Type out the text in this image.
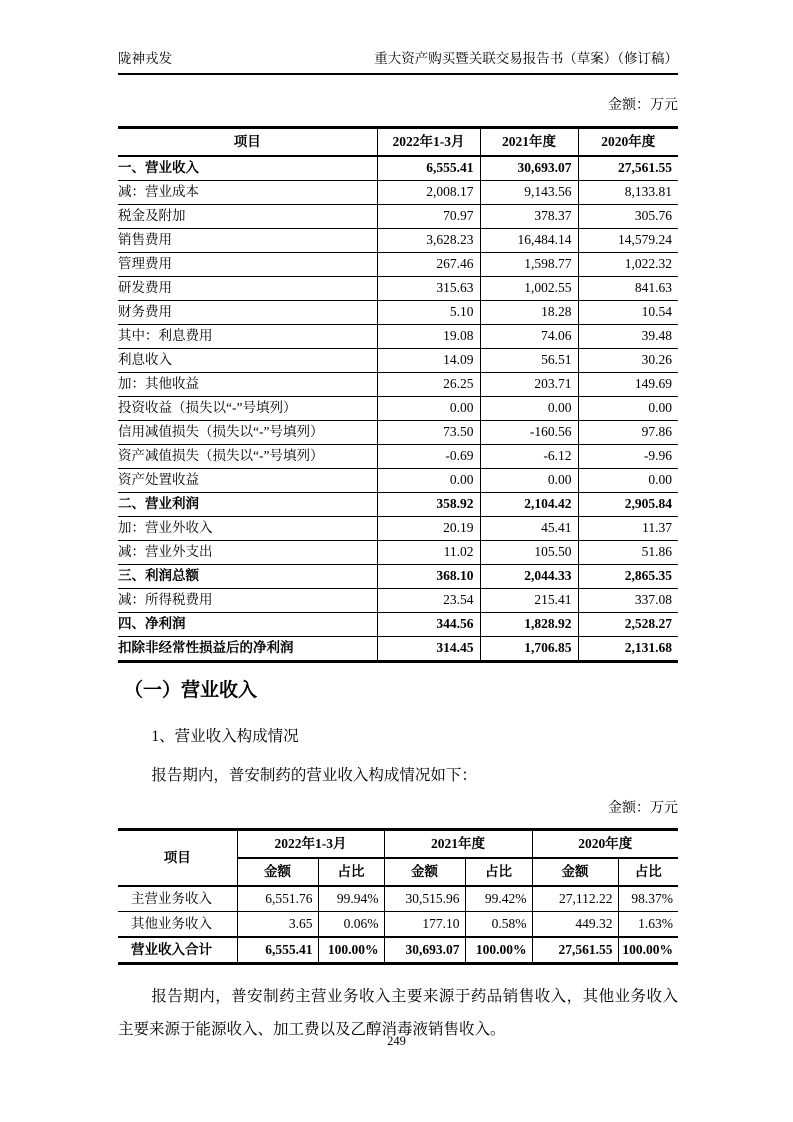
陇神戎发	重大资产购买暨关联交易报告书（草案）（修订稿）
金额：万元
项目	2022年1-3月	2021年度	2020年度
一、营业收入	6,555.41	30,693.07	27,561.55
减：营业成本	2,008.17	9,143.56	8,133.81
税金及附加	70.97	378.37	305.76
销售费用	3,628.23	16,484.14	14,579.24
管理费用	267.46	1,598.77	1,022.32
研发费用	315.63	1,002.55	841.63
财务费用	5.10	18.28	10.54
其中：利息费用	19.08	74.06	39.48
利息收入	14.09	56.51	30.26
加：其他收益	26.25	203.71	149.69
投资收益（损失以“-”号填列）	0.00	0.00	0.00
信用减值损失（损失以“-”号填列）	73.50	-160.56	97.86
资产减值损失（损失以“-”号填列）	-0.69	-6.12	-9.96
资产处置收益	0.00	0.00	0.00
二、营业利润	358.92	2,104.42	2,905.84
加：营业外收入	20.19	45.41	11.37
减：营业外支出	11.02	105.50	51.86
三、利润总额	368.10	2,044.33	2,865.35
减：所得税费用	23.54	215.41	337.08
四、净利润	344.56	1,828.92	2,528.27
扣除非经常性损益后的净利润	314.45	1,706.85	2,131.68
（一）营业收入
1、营业收入构成情况
报告期内，普安制药的营业收入构成情况如下：
金额：万元
项目	2022年1-3月		2021年度		2020年度	
	金额	占比	金额	占比	金额	占比
主营业务收入	6,551.76	99.94%	30,515.96	99.42%	27,112.22	98.37%
其他业务收入	3.65	0.06%	177.10	0.58%	449.32	1.63%
营业收入合计	6,555.41	100.00%	30,693.07	100.00%	27,561.55	100.00%
报告期内，普安制药主营业务收入主要来源于药品销售收入，其他业务收入主要来源于能源收入、加工费以及乙醇消毒液销售收入。
249
